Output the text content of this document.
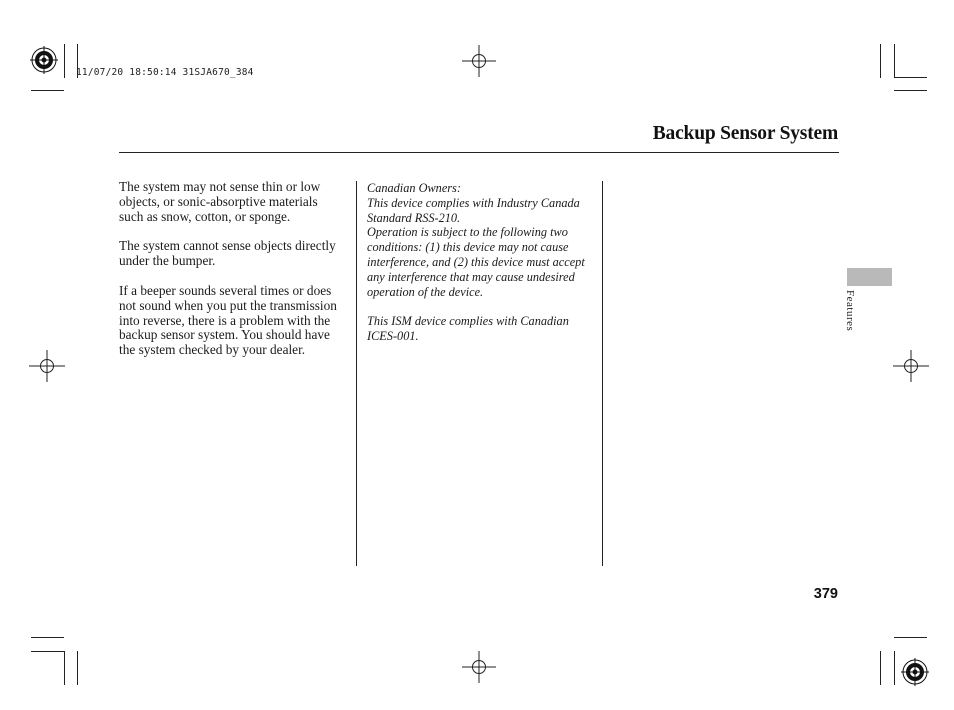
11/07/20 18:50:14 31SJA670_384
Backup Sensor System

The system may not sense thin or low objects, or sonic-absorptive materials such as snow, cotton, or sponge.

The system cannot sense objects directly under the bumper.

If a beeper sounds several times or does not sound when you put the transmission into reverse, there is a problem with the backup sensor system. You should have the system checked by your dealer.

Canadian Owners:
This device complies with Industry Canada Standard RSS-210.
Operation is subject to the following two conditions: (1) this device may not cause interference, and (2) this device must accept any interference that may cause undesired operation of the device.

This ISM device complies with Canadian ICES-001.

Features
379
